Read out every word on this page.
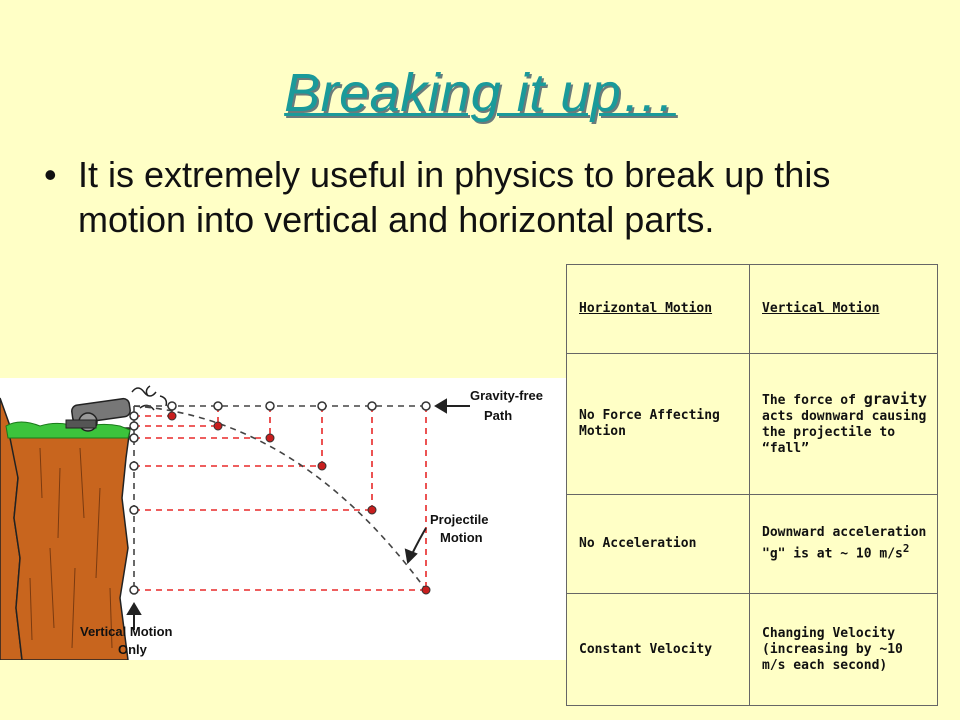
Breaking it up…
• It is extremely useful in physics to break up this motion into vertical and horizontal parts.
Gravity-free
Path
Projectile
Motion
Vertical Motion
Only
Horizontal Motion	Vertical Motion
No Force Affecting Motion	The force of gravity acts downward causing the projectile to “fall”
No Acceleration	Downward acceleration "g" is at ~ 10 $m/s^2$
Constant Velocity	Changing Velocity (increasing by ~10 m/s each second)
